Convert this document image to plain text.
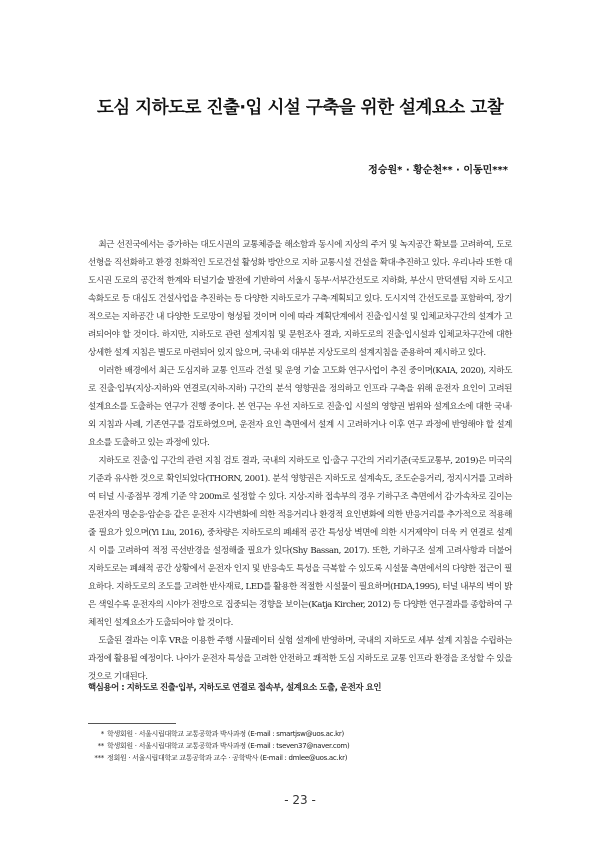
도심 지하도로 진출·입 시설 구축을 위한 설계요소 고찰
정승원* · 황순천** · 이동민***

최근 선진국에서는 증가하는 대도시권의 교통체증을 해소함과 동시에 지상의 주거 및 녹지공간 확보를 고려하여, 도로 선형을 직선화하고 환경 친화적인 도로건설 활성화 방안으로 지하 교통시설 건설을 확대·추진하고 있다. 우리나라 또한 대도시권 도로의 공간적 한계와 터널기술 발전에 기반하여 서울시 동부·서부간선도로 지하화, 부산시 만덕센텀 지하 도시고속화도로 등 대심도 건설사업을 추진하는 등 다양한 지하도로가 구축·계획되고 있다. 도시지역 간선도로를 포함하여, 장기적으로는 지하공간 내 다양한 도로망이 형성될 것이며 이에 따라 계획단계에서 진출·입시설 및 입체교차구간의 설계가 고려되어야 할 것이다. 하지만, 지하도로 관련 설계지침 및 문헌조사 결과, 지하도로의 진출·입시설과 입체교차구간에 대한 상세한 설계 지침은 별도로 마련되어 있지 않으며, 국내·외 대부분 지상도로의 설계지침을 준용하여 제시하고 있다.

이러한 배경에서 최근 도심지하 교통 인프라 건설 및 운영 기술 고도화 연구사업이 추진 중이며(KAIA, 2020), 지하도로 진출·입부(지상-지하)와 연결로(지하-지하) 구간의 분석 영향권을 정의하고 인프라 구축을 위해 운전자 요인이 고려된 설계요소를 도출하는 연구가 진행 중이다. 본 연구는 우선 지하도로 진출·입 시설의 영향권 범위와 설계요소에 대한 국내·외 지침과 사례, 기존연구를 검토하였으며, 운전자 요인 측면에서 설계 시 고려하거나 이후 연구 과정에 반영해야 할 설계요소를 도출하고 있는 과정에 있다.

지하도로 진출·입 구간의 관련 지침 검토 결과, 국내의 지하도로 입·출구 구간의 거리기준(국토교통부, 2019)은 미국의 기준과 유사한 것으로 확인되었다(THORN, 2001). 분석 영향권은 지하도로 설계속도, 조도순응거리, 정지시거를 고려하여 터널 시·종점부 경계 기준 약 200m로 설정할 수 있다. 지상-지하 접속부의 경우 기하구조 측면에서 감·가속차로 길이는 운전자의 명순응·암순응 같은 운전자 시각변화에 의한 적응거리나 환경적 요인변화에 의한 반응거리를 추가적으로 적용해줄 필요가 있으며(Yi Liu, 2016), 중차량은 지하도로의 폐쇄적 공간 특성상 벽면에 의한 시거제약이 더욱 커 연결로 설계 시 이를 고려하여 적정 곡선반경을 설정해줄 필요가 있다(Shy Bassan, 2017). 또한, 기하구조 설계 고려사항과 더불어 지하도로는 폐쇄적 공간 상황에서 운전자 인지 및 반응속도 특성을 극복할 수 있도록 시설물 측면에서의 다양한 접근이 필요하다. 지하도로의 조도를 고려한 반사재료, LED를 활용한 적절한 시설물이 필요하며(HDA,1995), 터널 내부의 벽이 밝은 색일수록 운전자의 시야가 전방으로 집중되는 경향을 보이는(Katja Kircher, 2012) 등 다양한 연구결과를 종합하여 구체적인 설계요소가 도출되어야 할 것이다.

도출된 결과는 이후 VR을 이용한 주행 시뮬레이터 실험 설계에 반영하며, 국내의 지하도로 세부 설계 지침을 수립하는 과정에 활용될 예정이다. 나아가 운전자 특성을 고려한 안전하고 쾌적한 도심 지하도로 교통 인프라 환경을 조성할 수 있을 것으로 기대된다.

핵심용어 : 지하도로 진출·입부, 지하도로 연결로 접속부, 설계요소 도출, 운전자 요인
* 학생회원 · 서울시립대학교 교통공학과 박사과정 (E-mail : smartjsw@uos.ac.kr)
** 학생회원 · 서울시립대학교 교통공학과 박사과정 (E-mail : tseven37@naver.com)
*** 정회원 · 서울시립대학교 교통공학과 교수 · 공학박사 (E-mail : dmlee@uos.ac.kr)
- 23 -
